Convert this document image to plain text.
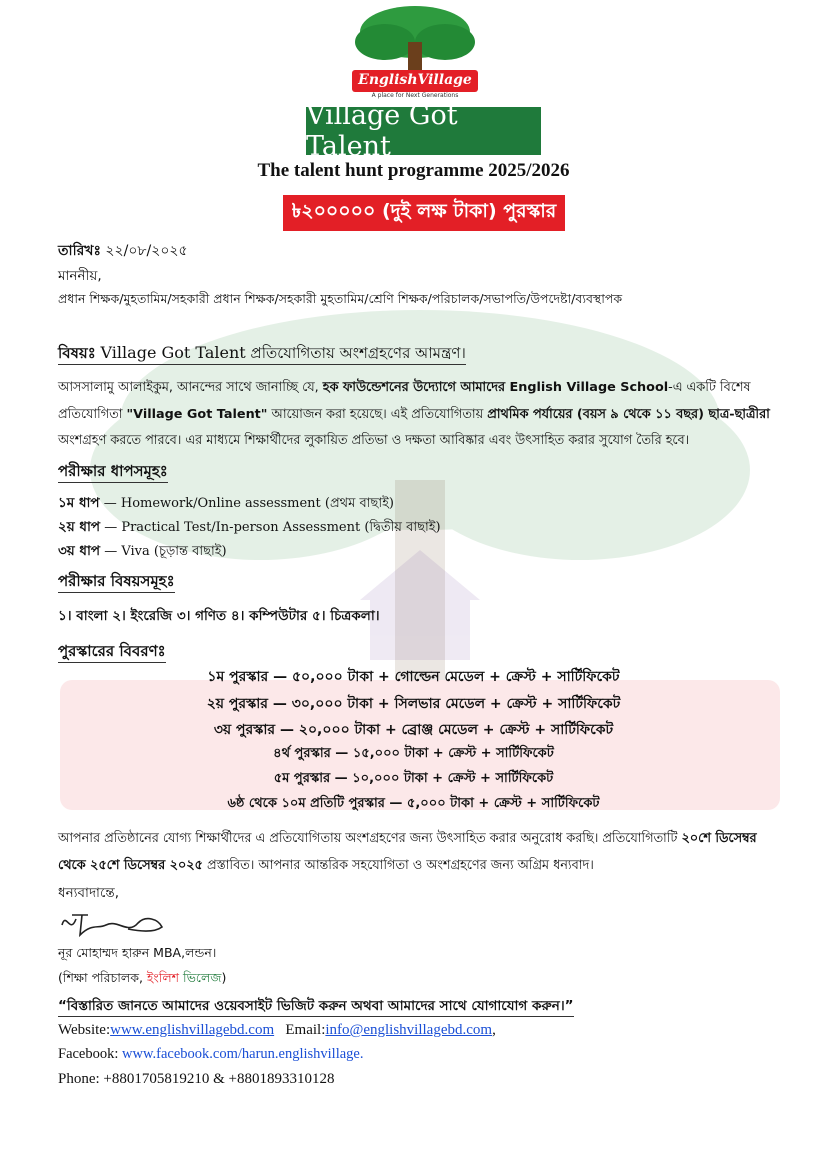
EnglishVillage
A place for Next Generations
Village Got Talent
The talent hunt programme 2025/2026
৳২০০০০০ (দুই লক্ষ টাকা) পুরস্কার
তারিখঃ ২২/০৮/২০২৫
মাননীয়,
প্রধান শিক্ষক/মুহতামিম/সহকারী প্রধান শিক্ষক/সহকারী মুহতামিম/শ্রেণি শিক্ষক/পরিচালক/সভাপতি/উপদেষ্টা/ব্যবস্থাপক
বিষয়ঃ Village Got Talent প্রতিযোগিতায় অংশগ্রহণের আমন্ত্রণ।
আসসালামু আলাইকুম, আনন্দের সাথে জানাচ্ছি যে, হক ফাউন্ডেশনের উদ্যোগে আমাদের English Village School-এ একটি বিশেষ
প্রতিযোগিতা "Village Got Talent" আয়োজন করা হয়েছে। এই প্রতিযোগিতায় প্রাথমিক পর্যায়ের (বয়স ৯ থেকে ১১ বছর) ছাত্র-ছাত্রীরা
অংশগ্রহণ করতে পারবে। এর মাধ্যমে শিক্ষার্থীদের লুকায়িত প্রতিভা ও দক্ষতা আবিষ্কার এবং উৎসাহিত করার সুযোগ তৈরি হবে।
পরীক্ষার ধাপসমূহঃ
১ম ধাপ — Homework/Online assessment (প্রথম বাছাই)
২য় ধাপ — Practical Test/In-person Assessment (দ্বিতীয় বাছাই)
৩য় ধাপ — Viva (চূড়ান্ত বাছাই)
পরীক্ষার বিষয়সমূহঃ
১। বাংলা ২। ইংরেজি ৩। গণিত ৪। কম্পিউটার ৫। চিত্রকলা।
পুরস্কারের বিবরণঃ
১ম পুরস্কার — ৫০,০০০ টাকা + গোল্ডেন মেডেল + ক্রেস্ট + সার্টিফিকেট
২য় পুরস্কার — ৩০,০০০ টাকা + সিলভার মেডেল + ক্রেস্ট + সার্টিফিকেট
৩য় পুরস্কার — ২০,০০০ টাকা + ব্রোঞ্জ মেডেল + ক্রেস্ট + সার্টিফিকেট
৪র্থ পুরস্কার — ১৫,০০০ টাকা + ক্রেস্ট + সার্টিফিকেট
৫ম পুরস্কার — ১০,০০০ টাকা + ক্রেস্ট + সার্টিফিকেট
৬ষ্ঠ থেকে ১০ম প্রতিটি পুরস্কার — ৫,০০০ টাকা + ক্রেস্ট + সার্টিফিকেট
আপনার প্রতিষ্ঠানের যোগ্য শিক্ষার্থীদের এ প্রতিযোগিতায় অংশগ্রহণের জন্য উৎসাহিত করার অনুরোধ করছি। প্রতিযোগিতাটি ২০শে ডিসেম্বর
থেকে ২৫শে ডিসেম্বর ২০২৫ প্রস্তাবিত। আপনার আন্তরিক সহযোগিতা ও অংশগ্রহণের জন্য অগ্রিম ধন্যবাদ।
ধন্যবাদান্তে,
নূর মোহাম্মদ হারুন MBA,লন্ডন।
(শিক্ষা পরিচালক, ইংলিশ ভিলেজ)
“বিস্তারিত জানতে আমাদের ওয়েবসাইট ভিজিট করুন অথবা আমাদের সাথে যোগাযোগ করুন।”
Website:www.englishvillagebd.com Email:info@englishvillagebd.com,
Facebook: www.facebook.com/harun.englishvillage.
Phone: +8801705819210 & +8801893310128
